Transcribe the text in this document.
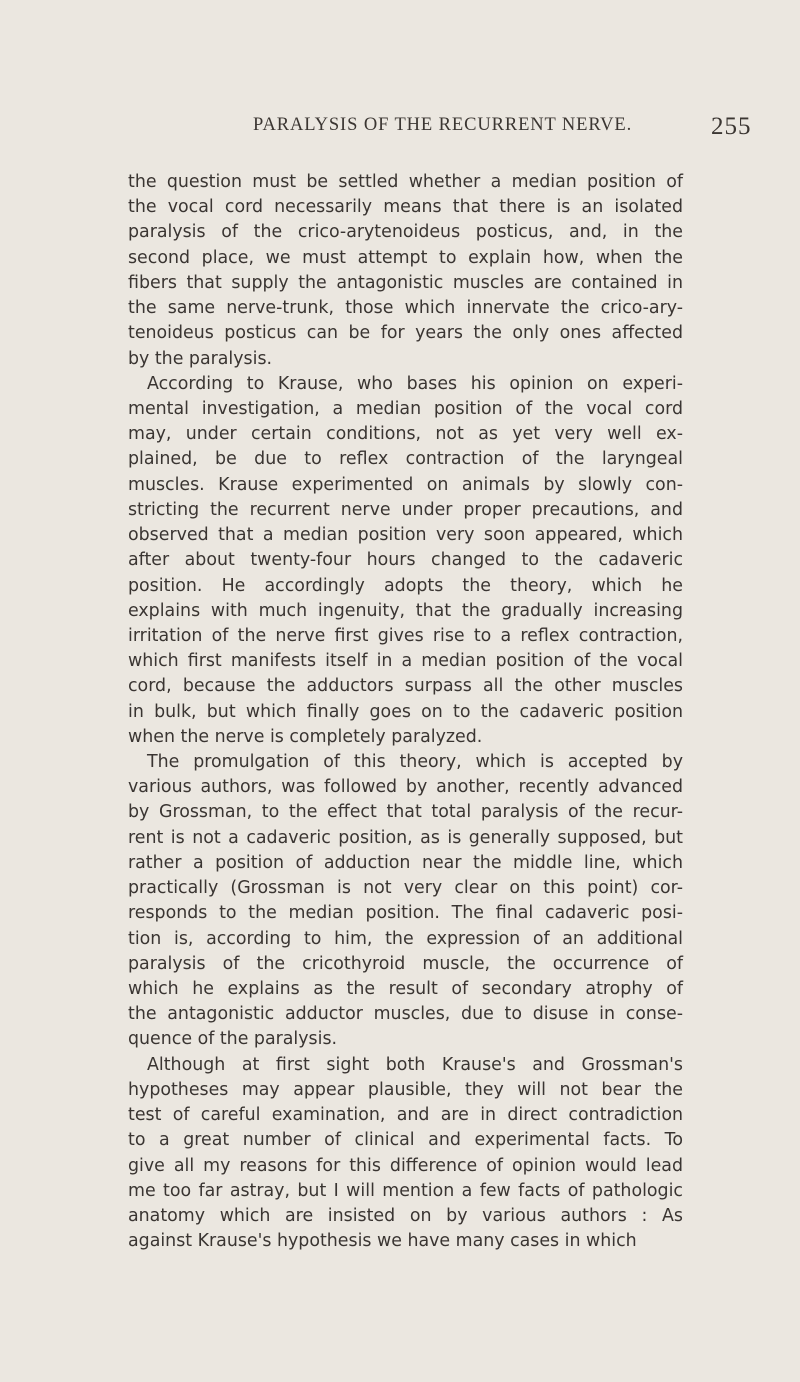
PARALYSIS OF THE RECURRENT NERVE.	255
the question must be settled whether a median position of
the vocal cord necessarily means that there is an isolated
paralysis of the crico-arytenoideus posticus, and, in the
second place, we must attempt to explain how, when the
fibers that supply the antagonistic muscles are contained in
the same nerve-trunk, those which innervate the crico-ary-
tenoideus posticus can be for years the only ones affected
by the paralysis.
According to Krause, who bases his opinion on experi-
mental investigation, a median position of the vocal cord
may, under certain conditions, not as yet very well ex-
plained, be due to reflex contraction of the laryngeal
muscles. Krause experimented on animals by slowly con-
stricting the recurrent nerve under proper precautions, and
observed that a median position very soon appeared, which
after about twenty-four hours changed to the cadaveric
position. He accordingly adopts the theory, which he
explains with much ingenuity, that the gradually increasing
irritation of the nerve first gives rise to a reflex contraction,
which first manifests itself in a median position of the vocal
cord, because the adductors surpass all the other muscles
in bulk, but which finally goes on to the cadaveric position
when the nerve is completely paralyzed.
The promulgation of this theory, which is accepted by
various authors, was followed by another, recently advanced
by Grossman, to the effect that total paralysis of the recur-
rent is not a cadaveric position, as is generally supposed, but
rather a position of adduction near the middle line, which
practically (Grossman is not very clear on this point) cor-
responds to the median position. The final cadaveric posi-
tion is, according to him, the expression of an additional
paralysis of the cricothyroid muscle, the occurrence of
which he explains as the result of secondary atrophy of
the antagonistic adductor muscles, due to disuse in conse-
quence of the paralysis.
Although at first sight both Krause's and Grossman's
hypotheses may appear plausible, they will not bear the
test of careful examination, and are in direct contradiction
to a great number of clinical and experimental facts. To
give all my reasons for this difference of opinion would lead
me too far astray, but I will mention a few facts of pathologic
anatomy which are insisted on by various authors : As
against Krause's hypothesis we have many cases in which
